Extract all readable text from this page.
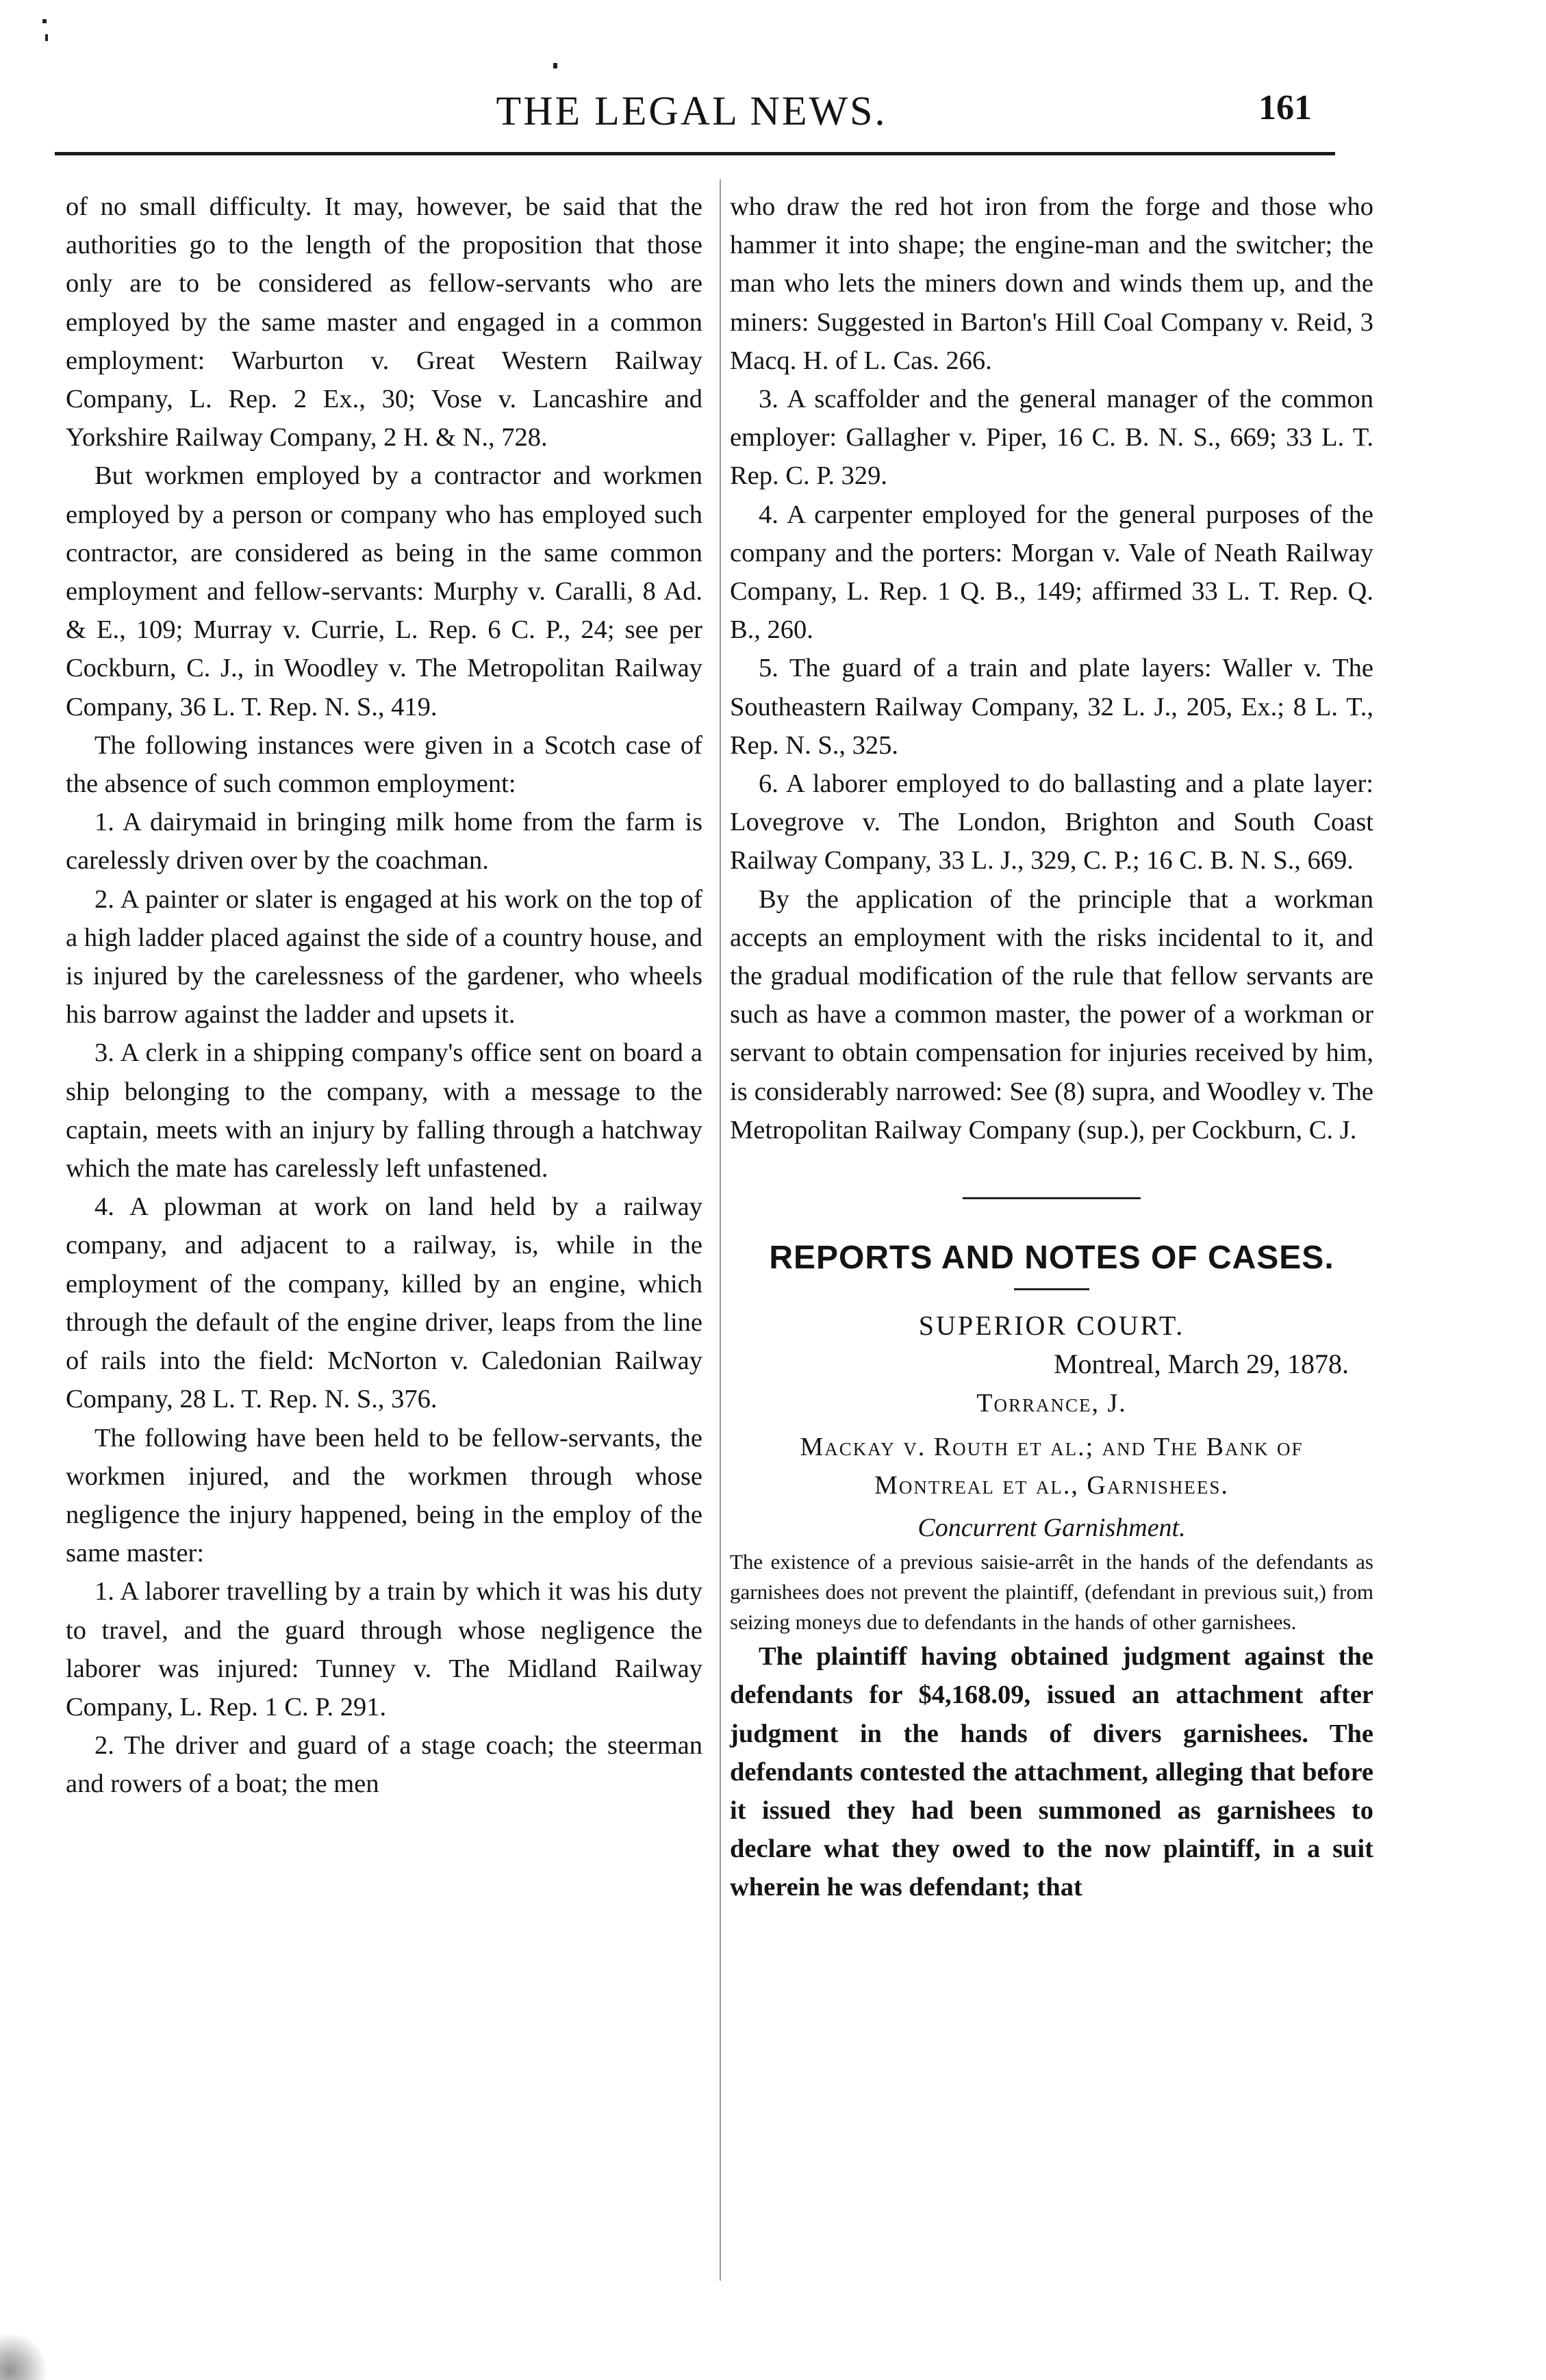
THE LEGAL NEWS.	161

of no small difficulty. It may, however, be said that the authorities go to the length of the proposition that those only are to be considered as fellow-servants who are employed by the same master and engaged in a common employment: Warburton v. Great Western Railway Company, L. Rep. 2 Ex., 30; Vose v. Lancashire and Yorkshire Railway Company, 2 H. & N., 728.

But workmen employed by a contractor and workmen employed by a person or company who has employed such contractor, are considered as being in the same common employment and fellow-servants: Murphy v. Caralli, 8 Ad. & E., 109; Murray v. Currie, L. Rep. 6 C. P., 24; see per Cockburn, C. J., in Woodley v. The Metropolitan Railway Company, 36 L. T. Rep. N. S., 419.

The following instances were given in a Scotch case of the absence of such common employment:

1. A dairymaid in bringing milk home from the farm is carelessly driven over by the coachman.

2. A painter or slater is engaged at his work on the top of a high ladder placed against the side of a country house, and is injured by the carelessness of the gardener, who wheels his barrow against the ladder and upsets it.

3. A clerk in a shipping company's office sent on board a ship belonging to the company, with a message to the captain, meets with an injury by falling through a hatchway which the mate has carelessly left unfastened.

4. A plowman at work on land held by a railway company, and adjacent to a railway, is, while in the employment of the company, killed by an engine, which through the default of the engine driver, leaps from the line of rails into the field: McNorton v. Caledonian Railway Company, 28 L. T. Rep. N. S., 376.

The following have been held to be fellow-servants, the workmen injured, and the workmen through whose negligence the injury happened, being in the employ of the same master:

1. A laborer travelling by a train by which it was his duty to travel, and the guard through whose negligence the laborer was injured: Tunney v. The Midland Railway Company, L. Rep. 1 C. P. 291.

2. The driver and guard of a stage coach; the steerman and rowers of a boat; the men

who draw the red hot iron from the forge and those who hammer it into shape; the engine-man and the switcher; the man who lets the miners down and winds them up, and the miners: Suggested in Barton's Hill Coal Company v. Reid, 3 Macq. H. of L. Cas. 266.

3. A scaffolder and the general manager of the common employer: Gallagher v. Piper, 16 C. B. N. S., 669; 33 L. T. Rep. C. P. 329.

4. A carpenter employed for the general purposes of the company and the porters: Morgan v. Vale of Neath Railway Company, L. Rep. 1 Q. B., 149; affirmed 33 L. T. Rep. Q. B., 260.

5. The guard of a train and plate layers: Waller v. The Southeastern Railway Company, 32 L. J., 205, Ex.; 8 L. T., Rep. N. S., 325.

6. A laborer employed to do ballasting and a plate layer: Lovegrove v. The London, Brighton and South Coast Railway Company, 33 L. J., 329, C. P.; 16 C. B. N. S., 669.

By the application of the principle that a workman accepts an employment with the risks incidental to it, and the gradual modification of the rule that fellow servants are such as have a common master, the power of a workman or servant to obtain compensation for injuries received by him, is considerably narrowed: See (8) supra, and Woodley v. The Metropolitan Railway Company (sup.), per Cockburn, C. J.

REPORTS AND NOTES OF CASES.

SUPERIOR COURT.

Montreal, March 29, 1878.

Torrance, J.

Mackay v. Routh et al.; and The Bank of
Montreal et al., Garnishees.

Concurrent Garnishment.

The existence of a previous saisie-arrêt in the hands of the defendants as garnishees does not prevent the plaintiff, (defendant in previous suit,) from seizing moneys due to defendants in the hands of other garnishees.

The plaintiff having obtained judgment against the defendants for $4,168.09, issued an attachment after judgment in the hands of divers garnishees. The defendants contested the attachment, alleging that before it issued they had been summoned as garnishees to declare what they owed to the now plaintiff, in a suit wherein he was defendant; that
